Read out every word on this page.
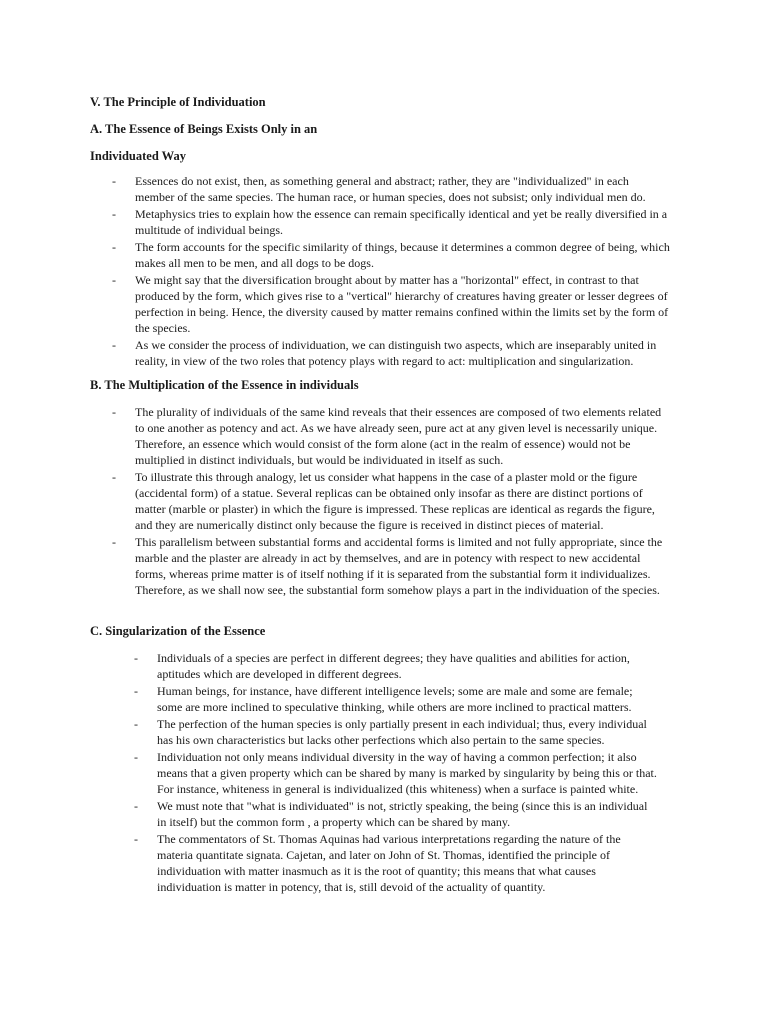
V. The Principle of Individuation
A. The Essence of Beings Exists Only in an
Individuated Way
- Essences do not exist, then, as something general and abstract; rather, they are "individualized" in each member of the same species. The human race, or human species, does not subsist; only individual men do.
- Metaphysics tries to explain how the essence can remain specifically identical and yet be really diversified in a multitude of individual beings.
- The form accounts for the specific similarity of things, because it determines a common degree of being, which makes all men to be men, and all dogs to be dogs.
- We might say that the diversification brought about by matter has a "horizontal" effect, in contrast to that produced by the form, which gives rise to a "vertical" hierarchy of creatures having greater or lesser degrees of perfection in being. Hence, the diversity caused by matter remains confined within the limits set by the form of the species.
- As we consider the process of individuation, we can distinguish two aspects, which are inseparably united in reality, in view of the two roles that potency plays with regard to act: multiplication and singularization.
B. The Multiplication of the Essence in individuals
- The plurality of individuals of the same kind reveals that their essences are composed of two elements related to one another as potency and act. As we have already seen, pure act at any given level is necessarily unique. Therefore, an essence which would consist of the form alone (act in the realm of essence) would not be multiplied in distinct individuals, but would be individuated in itself as such.
- To illustrate this through analogy, let us consider what happens in the case of a plaster mold or the figure (accidental form) of a statue. Several replicas can be obtained only insofar as there are distinct portions of matter (marble or plaster) in which the figure is impressed. These replicas are identical as regards the figure, and they are numerically distinct only because the figure is received in distinct pieces of material.
- This parallelism between substantial forms and accidental forms is limited and not fully appropriate, since the marble and the plaster are already in act by themselves, and are in potency with respect to new accidental forms, whereas prime matter is of itself nothing if it is separated from the substantial form it individualizes. Therefore, as we shall now see, the substantial form somehow plays a part in the individuation of the species.
C. Singularization of the Essence
- Individuals of a species are perfect in different degrees; they have qualities and abilities for action, aptitudes which are developed in different degrees.
- Human beings, for instance, have different intelligence levels; some are male and some are female; some are more inclined to speculative thinking, while others are more inclined to practical matters.
- The perfection of the human species is only partially present in each individual; thus, every individual has his own characteristics but lacks other perfections which also pertain to the same species.
- Individuation not only means individual diversity in the way of having a common perfection; it also means that a given property which can be shared by many is marked by singularity by being this or that. For instance, whiteness in general is individualized (this whiteness) when a surface is painted white.
- We must note that "what is individuated" is not, strictly speaking, the being (since this is an individual in itself) but the common form , a property which can be shared by many.
- The commentators of St. Thomas Aquinas had various interpretations regarding the nature of the materia quantitate signata. Cajetan, and later on John of St. Thomas, identified the principle of individuation with matter inasmuch as it is the root of quantity; this means that what causes individuation is matter in potency, that is, still devoid of the actuality of quantity.
